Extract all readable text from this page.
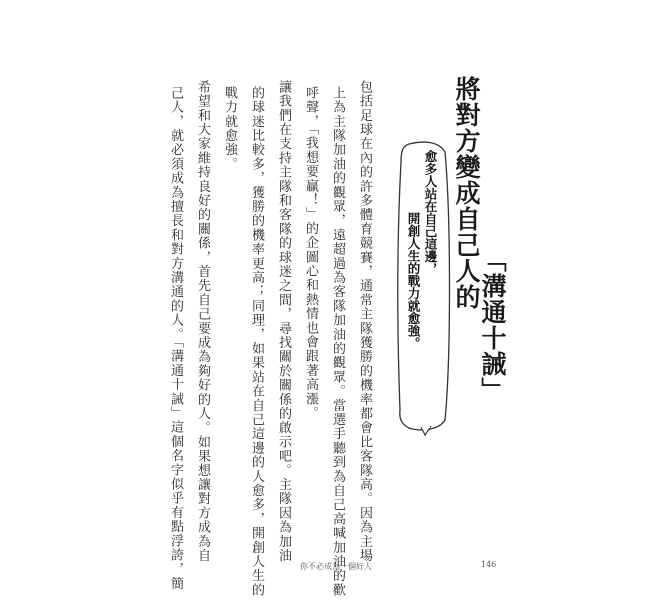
將對方變成自己人的
「溝通十誡」
愈多人站在自己這邊，
開創人生的戰力就愈強。
包括足球在內的許多體育競賽，通常主隊獲勝的機率都會比客隊高。因為主場
上為主隊加油的觀眾，遠超過為客隊加油的觀眾。當選手聽到為自己高喊加油的歡
呼聲，「我想要贏！」的企圖心和熱情也會跟著高漲。
讓我們在支持主隊和客隊的球迷之間，尋找關於關係的啟示吧。主隊因為加油
的球迷比較多，獲勝的機率更高；同理，如果站在自己這邊的人愈多，開創人生的
戰力就愈強。
希望和大家維持良好的關係，首先自己要成為夠好的人。如果想讓對方成為自
己人，就必須成為擅長和對方溝通的人。「溝通十誡」這個名字似乎有點浮誇，簡	你不必成為一個好人	146
